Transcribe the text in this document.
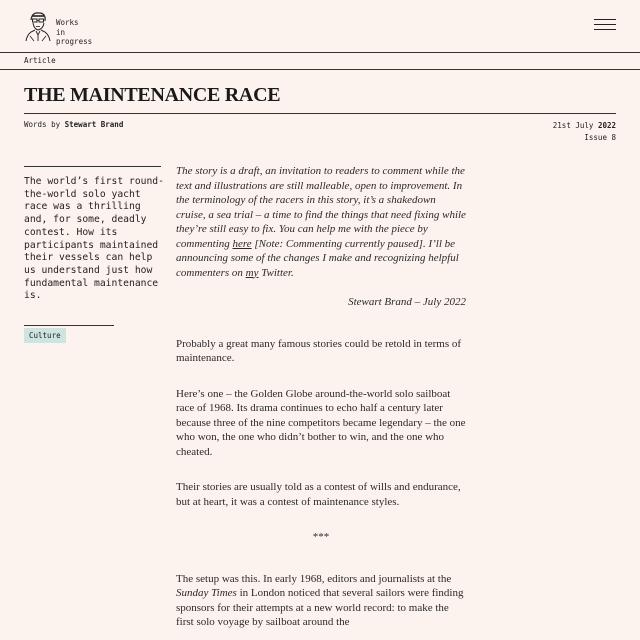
Works
in
progress
Article
THE MAINTENANCE RACE
Words by Stewart Brand	21st July 2022
Issue 8

The world’s first round-the-world solo yacht race was a thrilling and, for some, deadly contest. How its participants maintained their vessels can help us understand just how fundamental maintenance is.

Culture

The story is a draft, an invitation to readers to comment while the text and illustrations are still malleable, open to improvement. In the terminology of the racers in this story, it’s a shakedown cruise, a sea trial – a time to find the things that need fixing while they’re still easy to fix. You can help me with the piece by commenting here [Note: Commenting currently paused]. I’ll be announcing some of the changes I make and recognizing helpful commenters on my Twitter.

Stewart Brand – July 2022

Probably a great many famous stories could be retold in terms of maintenance.

Here’s one – the Golden Globe around-the-world solo sailboat race of 1968. Its drama continues to echo half a century later because three of the nine competitors became legendary – the one who won, the one who didn’t bother to win, and the one who cheated.

Their stories are usually told as a contest of wills and endurance, but at heart, it was a contest of maintenance styles.

***

The setup was this. In early 1968, editors and journalists at the Sunday Times in London noticed that several sailors were finding sponsors for their attempts at a new world record: to make the first solo voyage by sailboat around the
